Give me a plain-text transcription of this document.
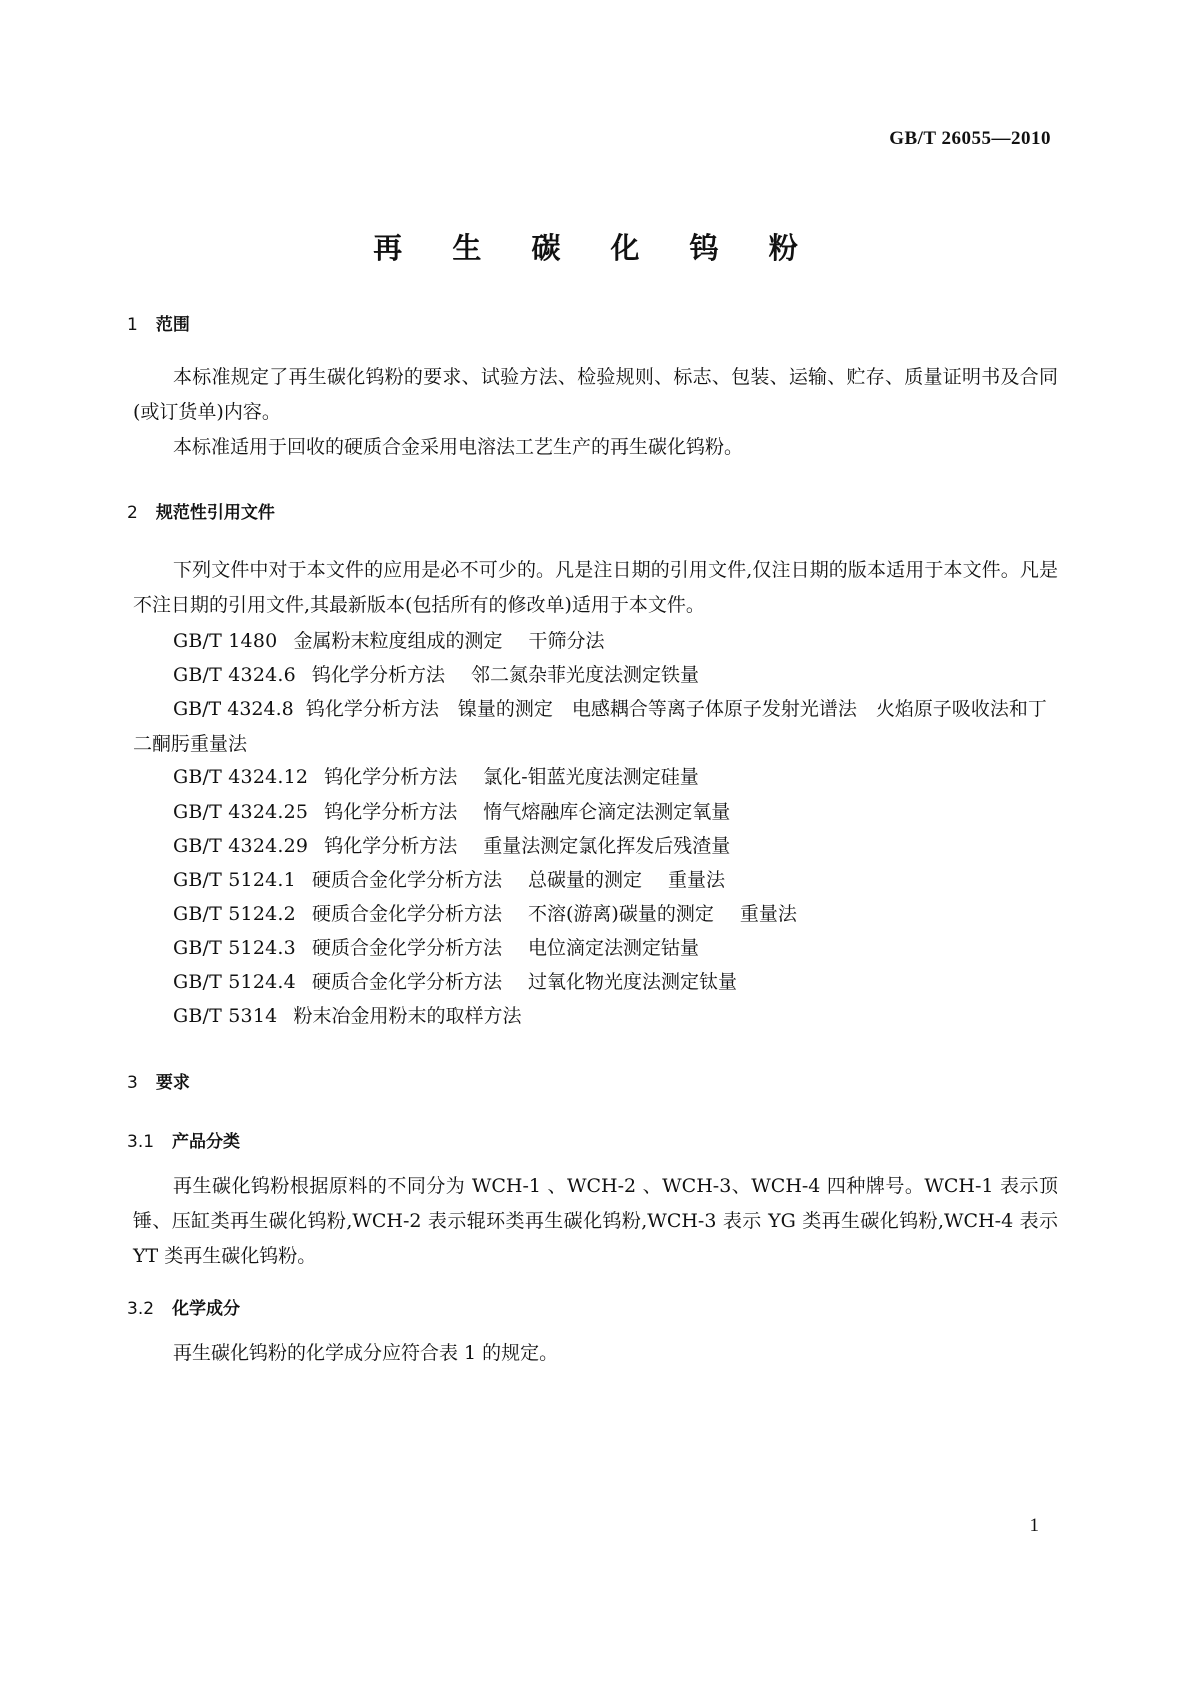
GB/T 26055—2010
再 生 碳 化 钨 粉
1 范围
本标准规定了再生碳化钨粉的要求、试验方法、检验规则、标志、包装、运输、贮存、质量证明书及合同(或订货单)内容。
本标准适用于回收的硬质合金采用电溶法工艺生产的再生碳化钨粉。
2 规范性引用文件
下列文件中对于本文件的应用是必不可少的。凡是注日期的引用文件,仅注日期的版本适用于本文件。凡是不注日期的引用文件,其最新版本(包括所有的修改单)适用于本文件。
GB/T 1480 金属粉末粒度组成的测定 干筛分法
GB/T 4324.6 钨化学分析方法 邻二氮杂菲光度法测定铁量
GB/T 4324.8 钨化学分析方法　镍量的测定　电感耦合等离子体原子发射光谱法　火焰原子吸收法和丁二酮肟重量法
GB/T 4324.12 钨化学分析方法 氯化-钼蓝光度法测定硅量
GB/T 4324.25 钨化学分析方法 惰气熔融库仑滴定法测定氧量
GB/T 4324.29 钨化学分析方法 重量法测定氯化挥发后残渣量
GB/T 5124.1 硬质合金化学分析方法 总碳量的测定 重量法
GB/T 5124.2 硬质合金化学分析方法 不溶(游离)碳量的测定 重量法
GB/T 5124.3 硬质合金化学分析方法 电位滴定法测定钴量
GB/T 5124.4 硬质合金化学分析方法 过氧化物光度法测定钛量
GB/T 5314 粉末冶金用粉末的取样方法
3 要求
3.1 产品分类
再生碳化钨粉根据原料的不同分为 WCH-1 、WCH-2 、WCH-3、WCH-4 四种牌号。WCH-1 表示顶锤、压缸类再生碳化钨粉,WCH-2 表示辊环类再生碳化钨粉,WCH-3 表示 YG 类再生碳化钨粉,WCH-4 表示 YT 类再生碳化钨粉。
3.2 化学成分
再生碳化钨粉的化学成分应符合表 1 的规定。
1
